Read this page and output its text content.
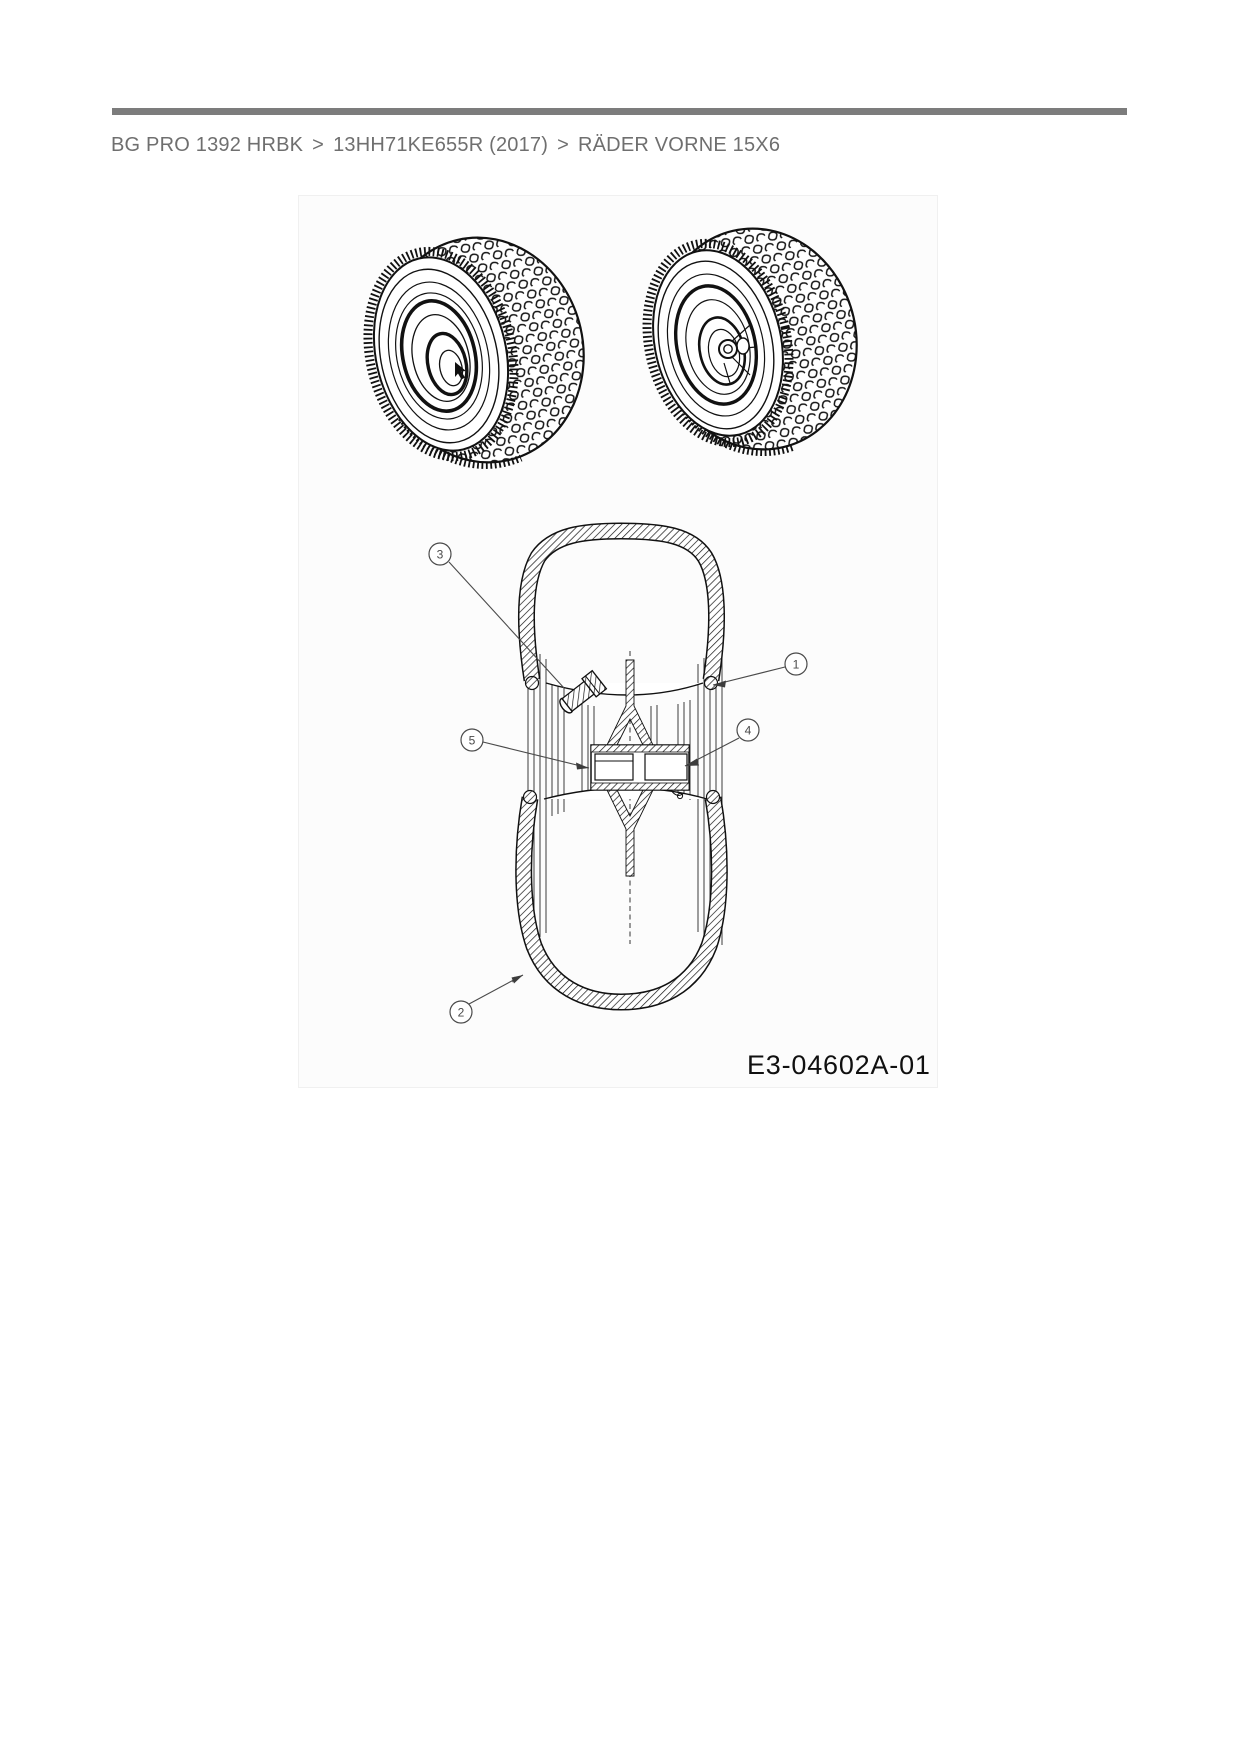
BG PRO 1392 HRBK > 13HH71KE655R (2017) > RÄDER VORNE 15X6
3
1
5
4
2
E3-04602A-01
